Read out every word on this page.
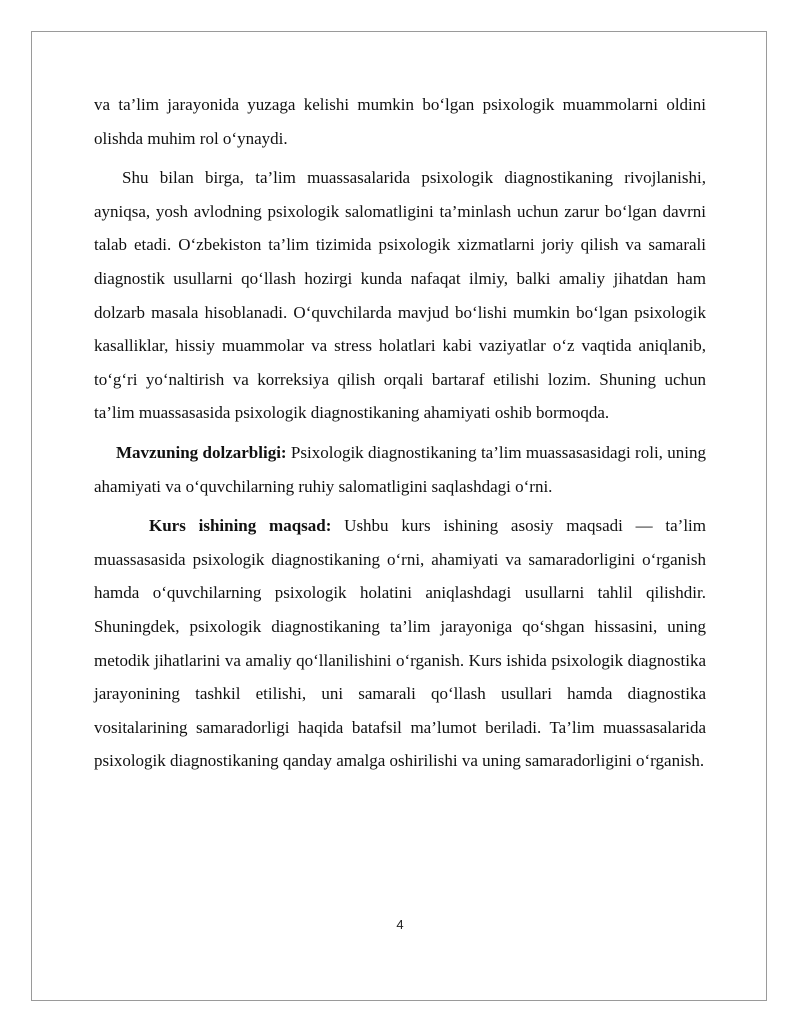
va ta’lim jarayonida yuzaga kelishi mumkin bo‘lgan psixologik muammolarni oldini olishda muhim rol o‘ynaydi.

Shu bilan birga, ta’lim muassasalarida psixologik diagnostikaning rivojlanishi, ayniqsa, yosh avlodning psixologik salomatligini ta’minlash uchun zarur bo‘lgan davrni talab etadi. O‘zbekiston ta’lim tizimida psixologik xizmatlarni joriy qilish va samarali diagnostik usullarni qo‘llash hozirgi kunda nafaqat ilmiy, balki amaliy jihatdan ham dolzarb masala hisoblanadi. O‘quvchilarda mavjud bo‘lishi mumkin bo‘lgan psixologik kasalliklar, hissiy muammolar va stress holatlari kabi vaziyatlar o‘z vaqtida aniqlanib, to‘g‘ri yo‘naltirish va korreksiya qilish orqali bartaraf etilishi lozim. Shuning uchun ta’lim muassasasida psixologik diagnostikaning ahamiyati oshib bormoqda.

Mavzuning dolzarbligi: Psixologik diagnostikaning ta’lim muassasasidagi roli, uning ahamiyati va o‘quvchilarning ruhiy salomatligini saqlashdagi o‘rni.

Kurs ishining maqsad: Ushbu kurs ishining asosiy maqsadi — ta’lim muassasasida psixologik diagnostikaning o‘rni, ahamiyati va samaradorligini o‘rganish hamda o‘quvchilarning psixologik holatini aniqlashdagi usullarni tahlil qilishdir. Shuningdek, psixologik diagnostikaning ta’lim jarayoniga qo‘shgan hissasini, uning metodik jihatlarini va amaliy qo‘llanilishini o‘rganish. Kurs ishida psixologik diagnostika jarayonining tashkil etilishi, uni samarali qo‘llash usullari hamda diagnostika vositalarining samaradorligi haqida batafsil ma’lumot beriladi. Ta’lim muassasalarida psixologik diagnostikaning qanday amalga oshirilishi va uning samaradorligini o‘rganish.

4
